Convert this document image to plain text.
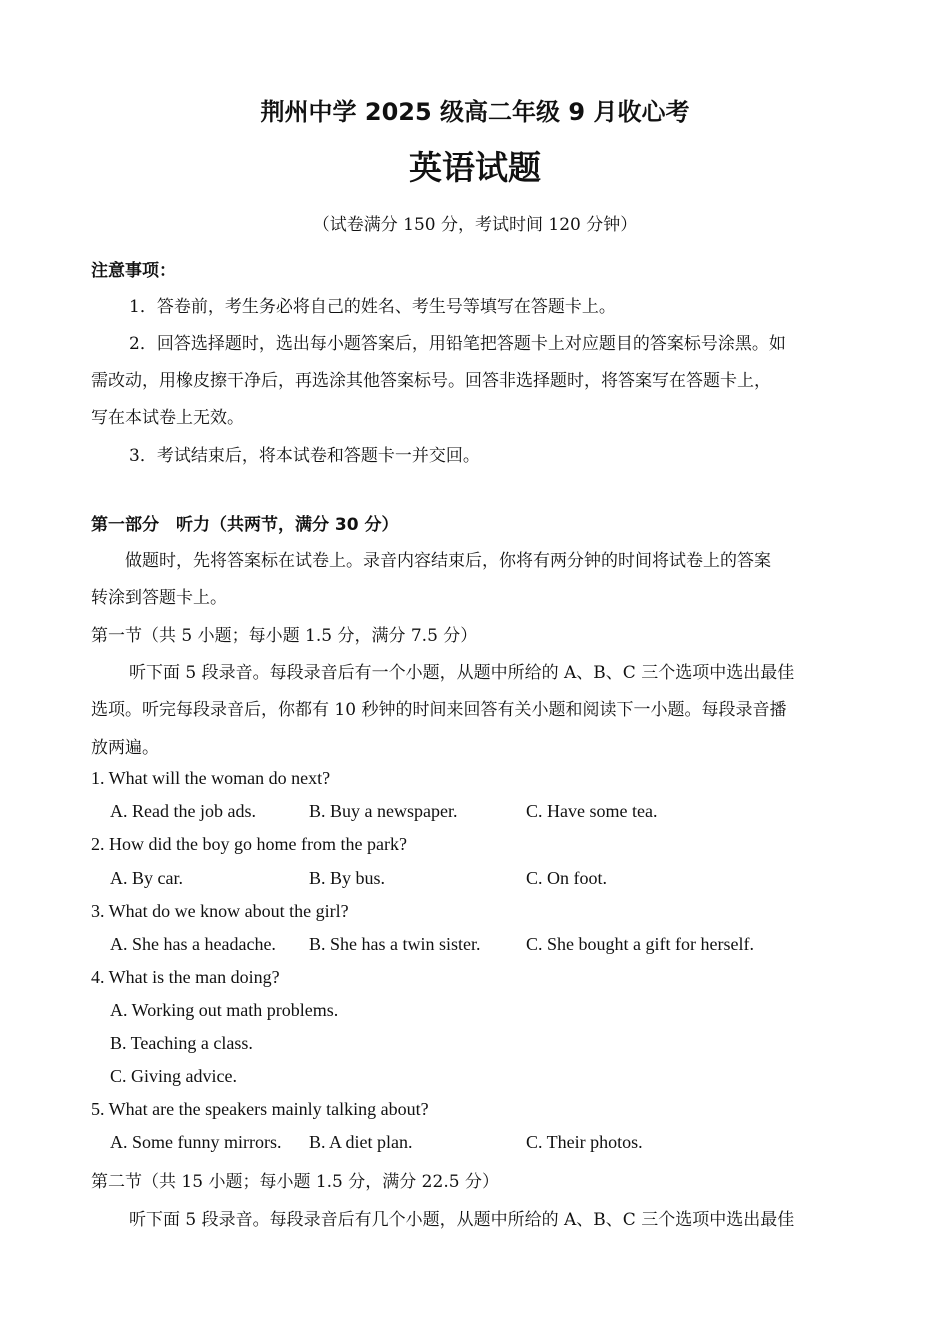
荆州中学 2025 级高二年级 9 月收心考
英语试题
（试卷满分 150 分，考试时间 120 分钟）
注意事项：
1．答卷前，考生务必将自己的姓名、考生号等填写在答题卡上。
2．回答选择题时，选出每小题答案后，用铅笔把答题卡上对应题目的答案标号涂黑。如
需改动，用橡皮擦干净后，再选涂其他答案标号。回答非选择题时，将答案写在答题卡上，
写在本试卷上无效。
3．考试结束后，将本试卷和答题卡一并交回。
第一部分　听力（共两节，满分 30 分）
做题时，先将答案标在试卷上。录音内容结束后，你将有两分钟的时间将试卷上的答案
转涂到答题卡上。
第一节（共 5 小题；每小题 1.5 分，满分 7.5 分）
听下面 5 段录音。每段录音后有一个小题，从题中所给的 A、B、C 三个选项中选出最佳
选项。听完每段录音后，你都有 10 秒钟的时间来回答有关小题和阅读下一小题。每段录音播
放两遍。
1. What will the woman do next?
A. Read the job ads.	B. Buy a newspaper.	C. Have some tea.
2. How did the boy go home from the park?
A. By car.	B. By bus.	C. On foot.
3. What do we know about the girl?
A. She has a headache. B. She has a twin sister.	C. She bought a gift for herself.
4. What is the man doing?
A. Working out math problems.
B. Teaching a class.
C. Giving advice.
5. What are the speakers mainly talking about?
A. Some funny mirrors. B. A diet plan.	C. Their photos.
第二节（共 15 小题；每小题 1.5 分，满分 22.5 分）
听下面 5 段录音。每段录音后有几个小题，从题中所给的 A、B、C 三个选项中选出最佳
